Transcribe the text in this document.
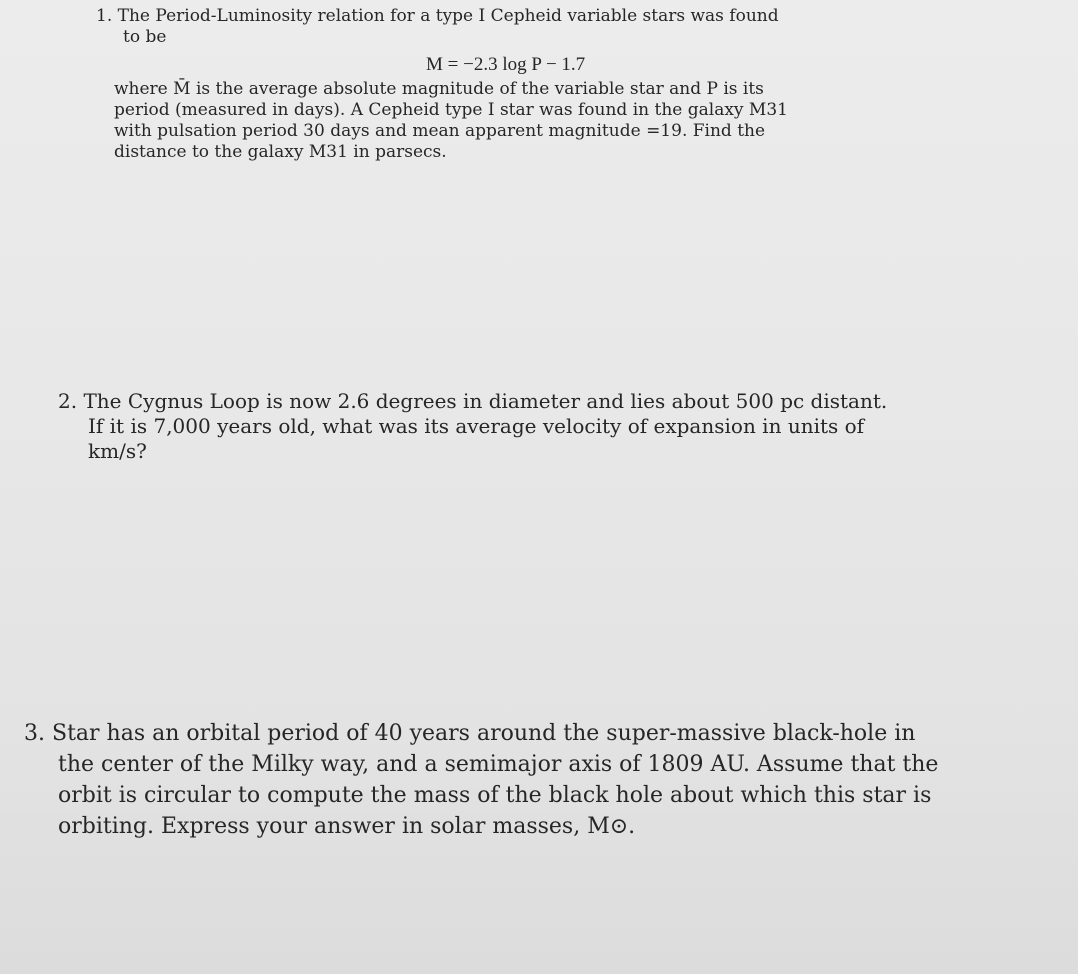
1. The Period-Luminosity relation for a type I Cepheid variable stars was found
to be
M = −2.3 log P − 1.7
where M̄ is the average absolute magnitude of the variable star and P is its
period (measured in days). A Cepheid type I star was found in the galaxy M31
with pulsation period 30 days and mean apparent magnitude =19. Find the
distance to the galaxy M31 in parsecs.
2. The Cygnus Loop is now 2.6 degrees in diameter and lies about 500 pc distant.
If it is 7,000 years old, what was its average velocity of expansion in units of
km/s?
3. Star has an orbital period of 40 years around the super-massive black-hole in
the center of the Milky way, and a semimajor axis of 1809 AU. Assume that the
orbit is circular to compute the mass of the black hole about which this star is
orbiting. Express your answer in solar masses, M⊙.
